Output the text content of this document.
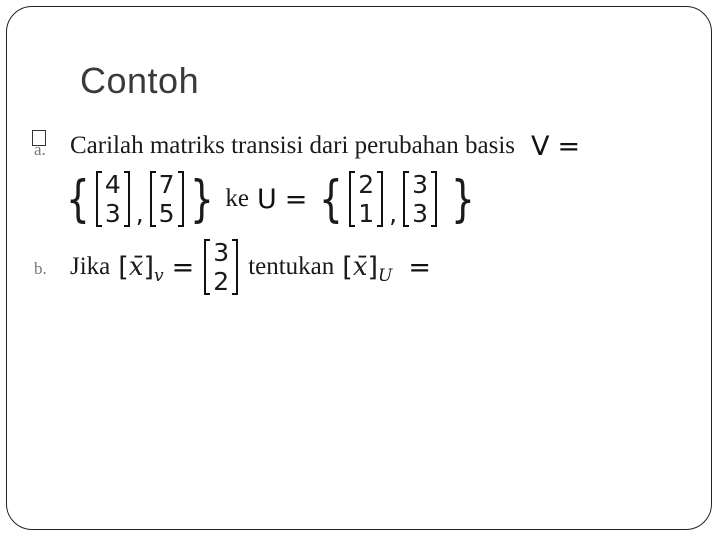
Contoh
a.
b.
Carilah matriks transisi dari perubahan basis V =
{ 4
3 ,
7
5 } ke U = { 2
1 ,
3
3 }
Jika [ x̄ ] v = 3
2
tentukan [ x̄ ] U =
